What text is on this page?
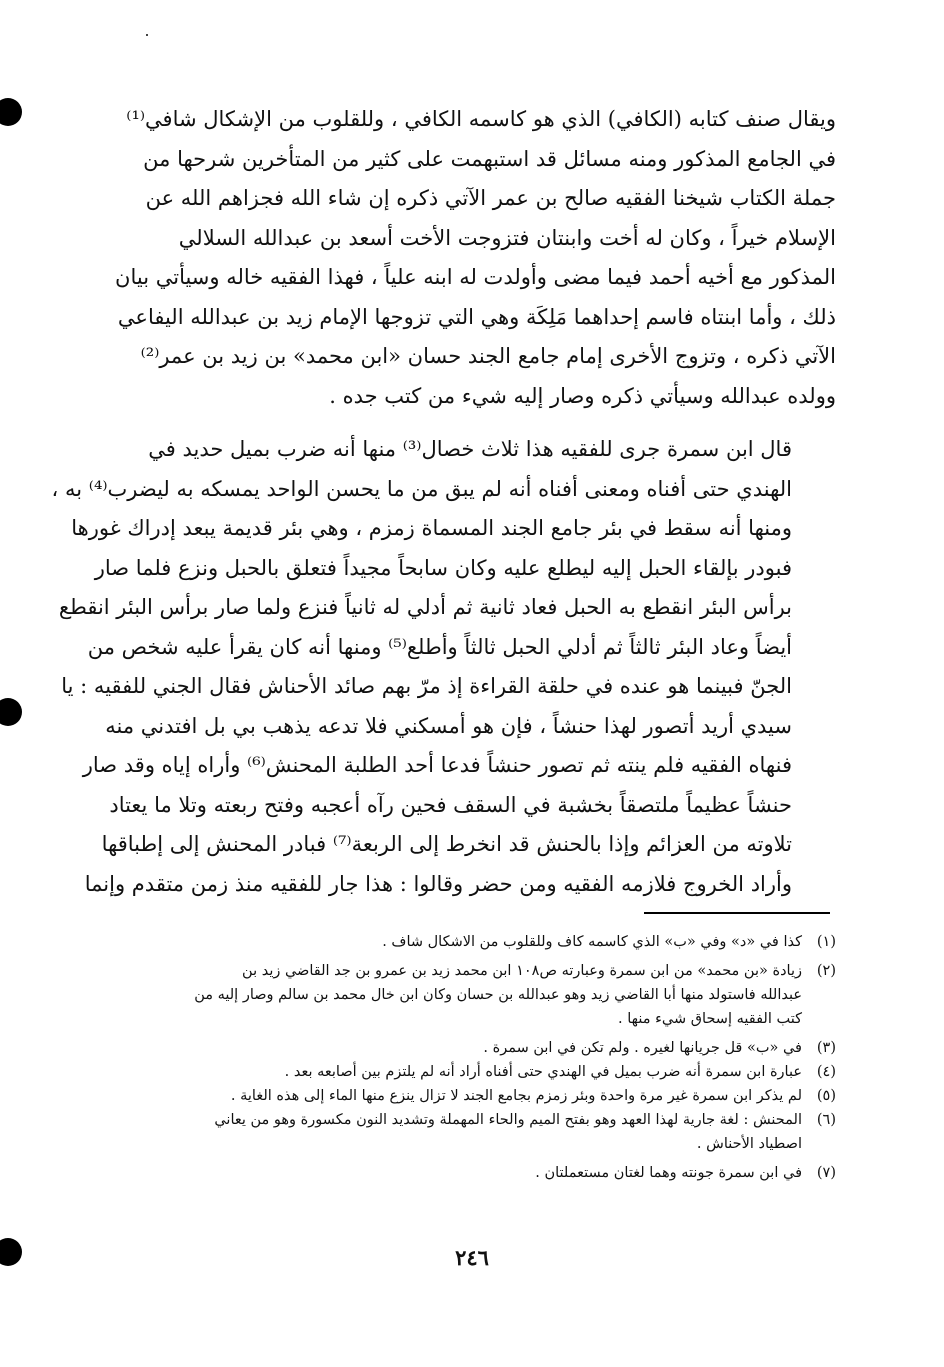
ويقال صنف كتابه (الكافي) الذي هو كاسمه الكافي ، وللقلوب من الإشكال شافي⁽¹⁾
في الجامع المذكور ومنه مسائل قد استبهمت على كثير من المتأخرين شرحها من
جملة الكتاب شيخنا الفقيه صالح بن عمر الآتي ذكره إن شاء الله فجزاهم الله عن
الإسلام خيراً ، وكان له أخت وابنتان فتزوجت الأخت أسعد بن عبدالله السلالي
المذكور مع أخيه أحمد فيما مضى وأولدت له ابنه علياً ، فهذا الفقيه خاله وسيأتي بيان
ذلك ، وأما ابنتاه فاسم إحداهما مَلِكَة وهي التي تزوجها الإمام زيد بن عبدالله اليفاعي
الآتي ذكره ، وتزوج الأخرى إمام جامع الجند حسان «ابن محمد» بن زيد بن عمر⁽²⁾
وولده عبدالله وسيأتي ذكره وصار إليه شيء من كتب جده .

قال ابن سمرة جرى للفقيه هذا ثلاث خصال⁽³⁾ منها أنه ضرب بميل حديد في
الهندي حتى أفناه ومعنى أفناه أنه لم يبق من ما يحسن الواحد يمسكه به ليضرب⁽⁴⁾ به ،
ومنها أنه سقط في بئر جامع الجند المسماة زمزم ، وهي بئر قديمة يبعد إدراك غورها
فبودر بإلقاء الحبل إليه ليطلع عليه وكان سابحاً مجيداً فتعلق بالحبل ونزع فلما صار
برأس البئر انقطع به الحبل فعاد ثانية ثم أدلي له ثانياً فنزع ولما صار برأس البئر انقطع
أيضاً وعاد البئر ثالثاً ثم أدلي الحبل ثالثاً وأطلع⁽⁵⁾ ومنها أنه كان يقرأ عليه شخص من
الجنّ فبينما هو عنده في حلقة القراءة إذ مرّ بهم صائد الأحناش فقال الجني للفقيه : يا
سيدي أريد أتصور لهذا حنشاً ، فإن هو أمسكني فلا تدعه يذهب بي بل افتدني منه
فنهاه الفقيه فلم ينته ثم تصور حنشاً فدعا أحد الطلبة المحنش⁽⁶⁾ وأراه إياه وقد صار
حنشاً عظيماً ملتصقاً بخشبة في السقف فحين رآه أعجبه وفتح ربعته وتلا ما يعتاد
تلاوته من العزائم وإذا بالحنش قد انخرط إلى الربعة⁽⁷⁾ فبادر المحنش إلى إطباقها
وأراد الخروج فلازمه الفقيه ومن حضر وقالوا : هذا جار للفقيه منذ زمن متقدم وإنما

(١)
كذا في «د» وفي «ب» الذي كاسمه كاف وللقلوب من الاشكال شاف .
(٢)
زيادة «بن محمد» من ابن سمرة وعبارته ص١٠٨ ابن محمد زيد بن عمرو بن جد القاضي زيد بن
عبدالله فاستولد منها أبا القاضي زيد وهو عبدالله بن حسان وكان ابن خال محمد بن سالم وصار إليه من
كتب الفقيه إسحاق شيء منها .
(٣)
في «ب» قل جريانها لغيره . ولم تكن في ابن سمرة .
(٤)
عبارة ابن سمرة أنه ضرب بميل في الهندي حتى أفناه أراد أنه لم يلتزم بين أصابعه بعد .
(٥)
لم يذكر ابن سمرة غير مرة واحدة وبئر زمزم بجامع الجند لا تزال ينزع منها الماء إلى هذه الغاية .
(٦)
المحنش : لغة جارية لهذا العهد وهو بفتح الميم والحاء المهملة وتشديد النون مكسورة وهو من يعاني
اصطياد الأحناش .
(٧)
في ابن سمرة جونته وهما لغتان مستعملتان .
٢٤٦
